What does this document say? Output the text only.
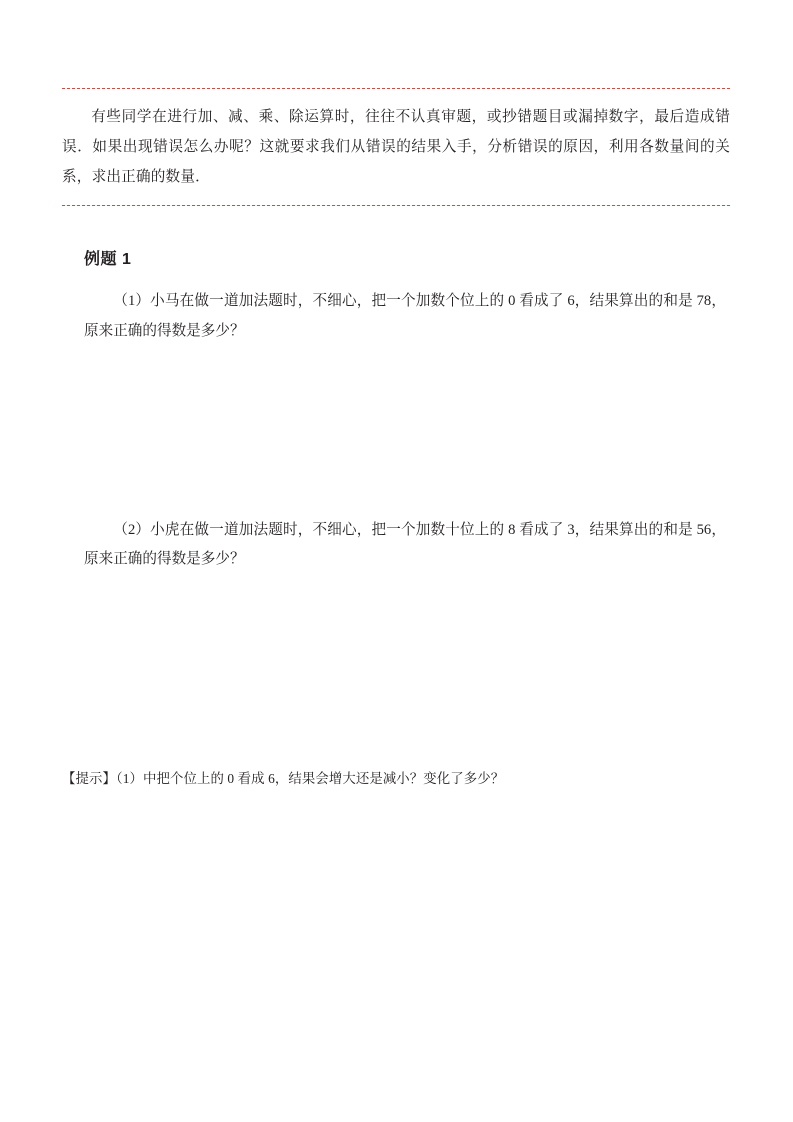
有些同学在进行加、减、乘、除运算时，往往不认真审题，或抄错题目或漏掉数字，最后造成错误．如果出现错误怎么办呢？这就要求我们从错误的结果入手，分析错误的原因，利用各数量间的关系，求出正确的数量．

例题 1

（1）小马在做一道加法题时，不细心，把一个加数个位上的 0 看成了 6，结果算出的和是 78，原来正确的得数是多少？

（2）小虎在做一道加法题时，不细心，把一个加数十位上的 8 看成了 3，结果算出的和是 56，原来正确的得数是多少？

【提示】（1）中把个位上的 0 看成 6，结果会增大还是减小？变化了多少？
